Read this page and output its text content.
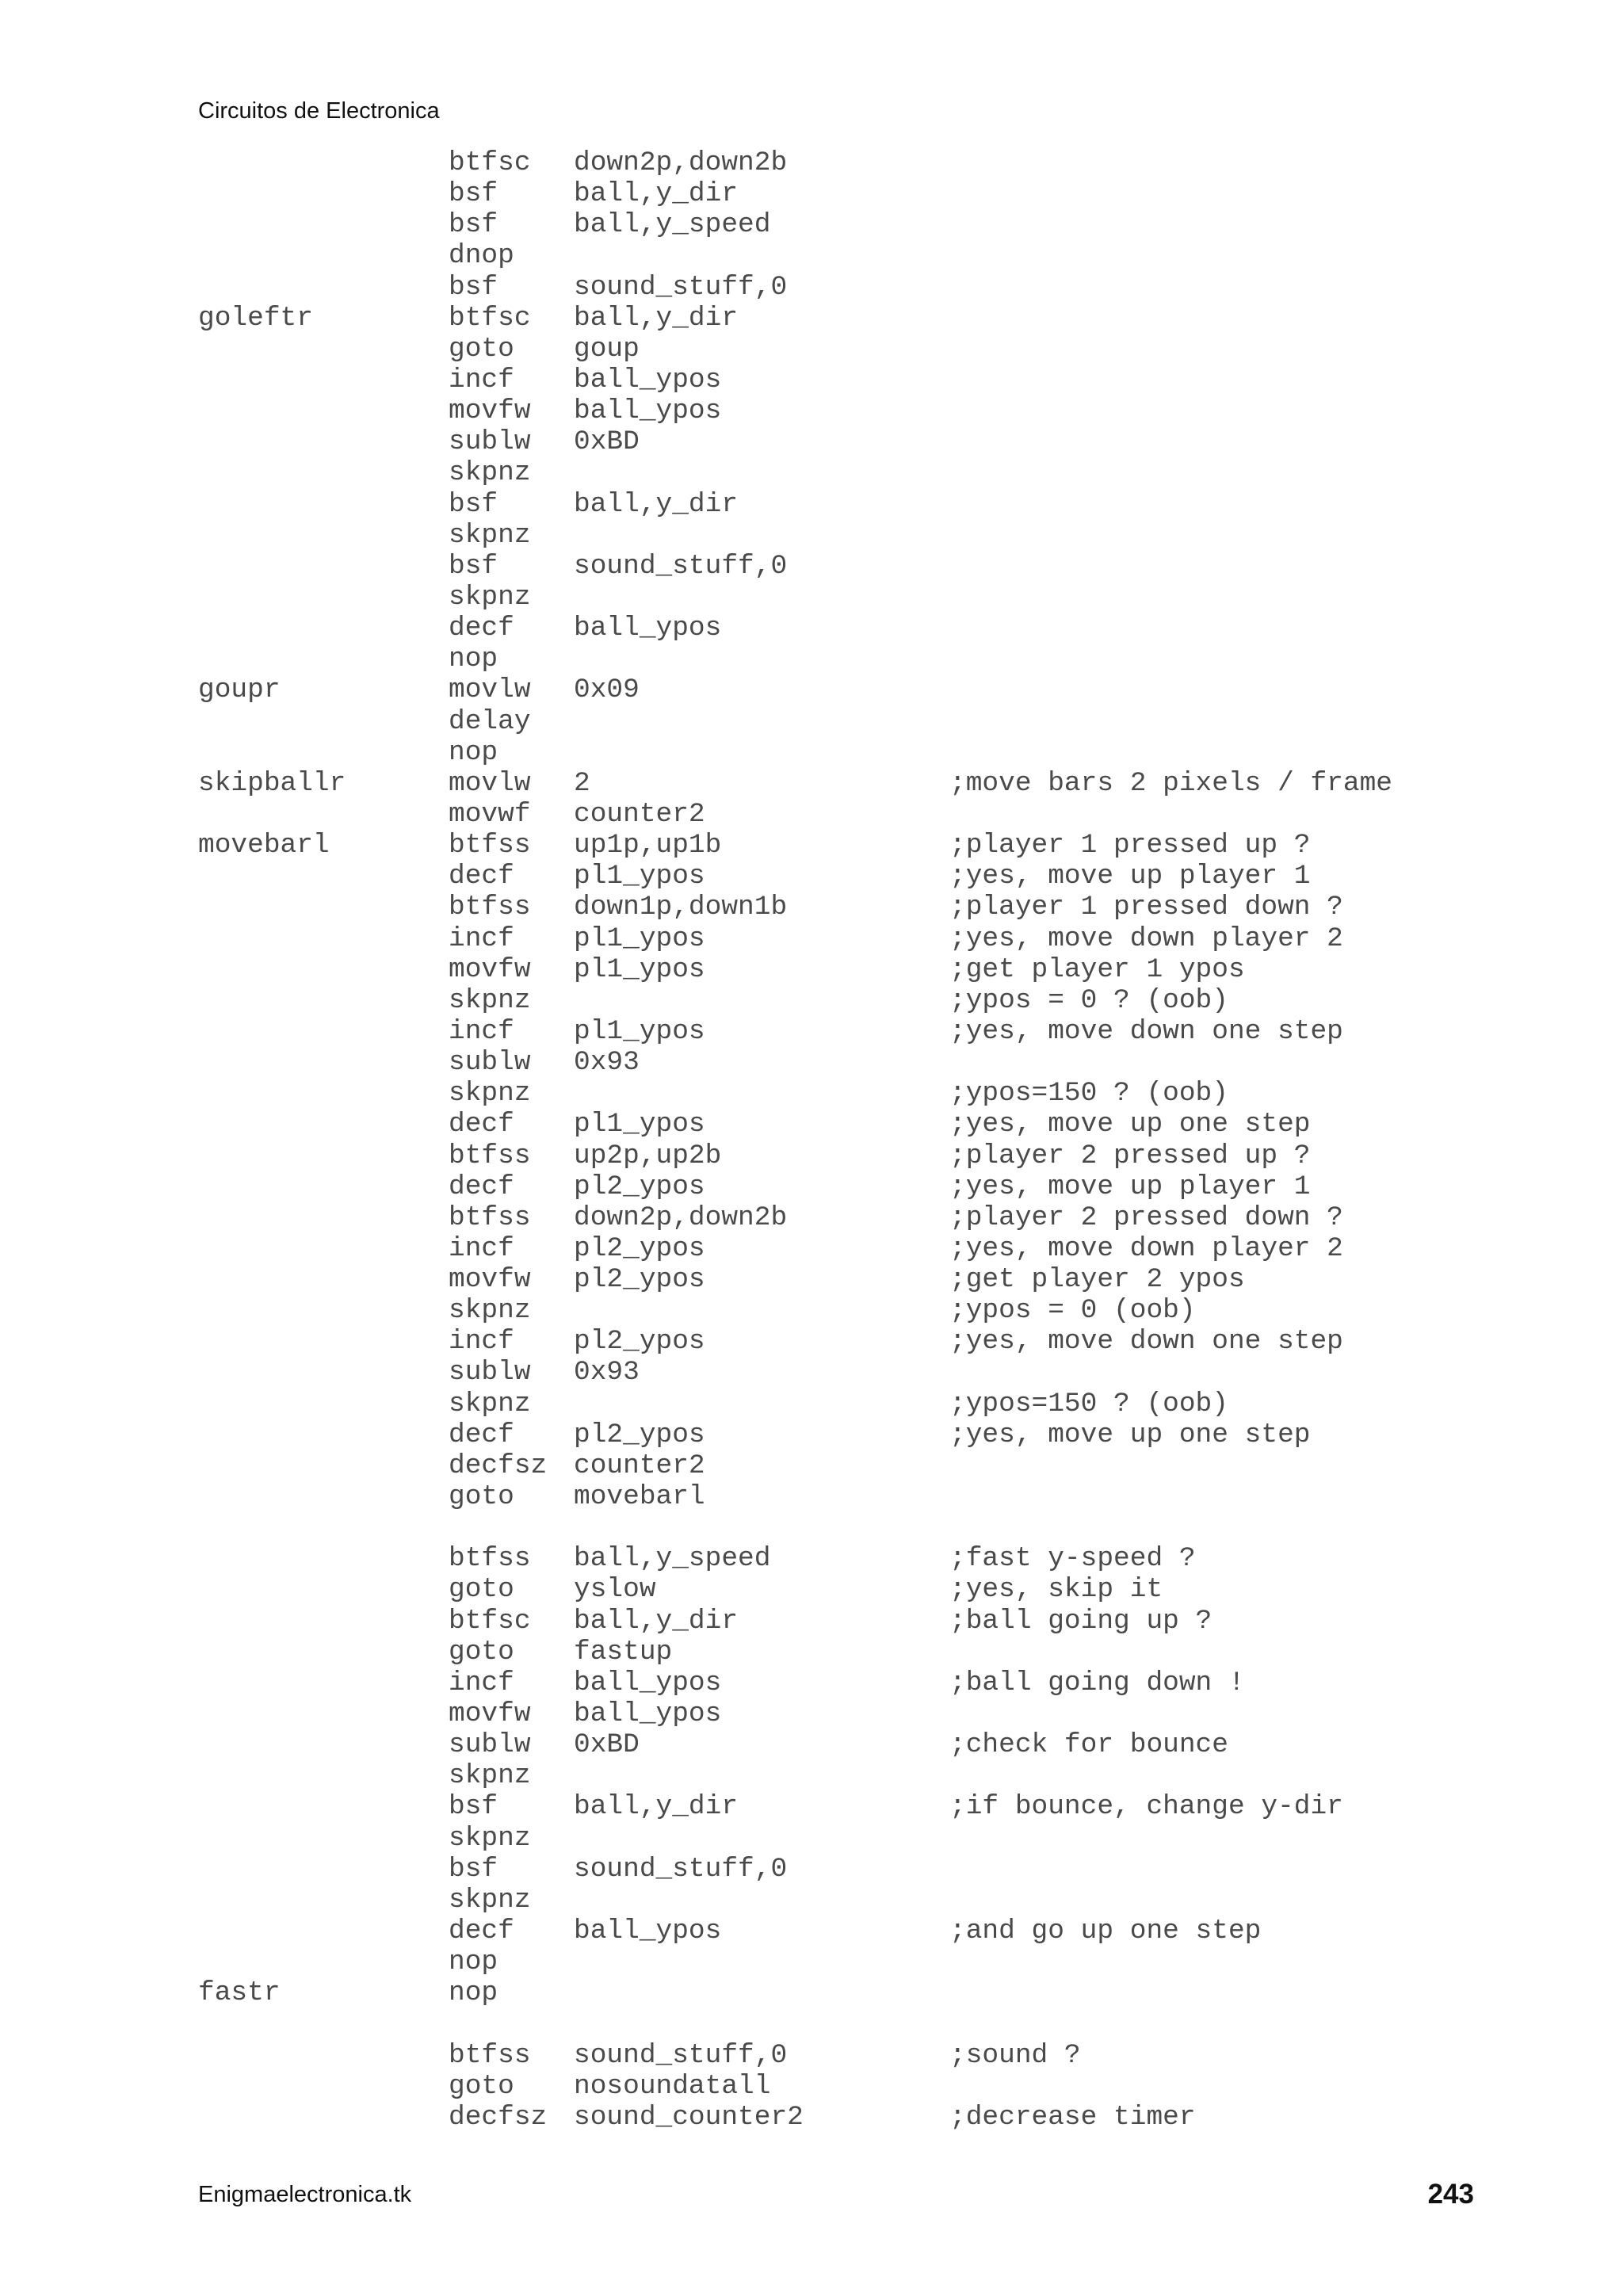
Circuitos de Electronica
btfsc down2p,down2b
bsf	ball,y_dir
bsf	ball,y_speed
dnop
bsf	sound_stuff,0
goleftr	btfsc ball,y_dir
goto goup
incf ball_ypos
movfw ball_ypos
sublw 0xBD
skpnz
bsf	ball,y_dir
skpnz
bsf	sound_stuff,0
skpnz
decf ball_ypos
nop
goupr	movlw 0x09
delay
nop
skipballr	movlw 2	;move bars 2 pixels / frame
movwf counter2
movebarl	btfss up1p,up1b	;player 1 pressed up ?
decf pl1_ypos	;yes, move up player 1
btfss down1p,down1b	;player 1 pressed down ?
incf pl1_ypos	;yes, move down player 2
movfw pl1_ypos	;get player 1 ypos
skpnz	;ypos = 0 ? (oob)
incf pl1_ypos	;yes, move down one step
sublw 0x93
skpnz	;ypos=150 ? (oob)
decf pl1_ypos	;yes, move up one step
btfss up2p,up2b	;player 2 pressed up ?
decf pl2_ypos	;yes, move up player 1
btfss down2p,down2b	;player 2 pressed down ?
incf pl2_ypos	;yes, move down player 2
movfw pl2_ypos	;get player 2 ypos
skpnz	;ypos = 0 (oob)
incf pl2_ypos	;yes, move down one step
sublw 0x93
skpnz	;ypos=150 ? (oob)
decf pl2_ypos	;yes, move up one step
decfsz counter2
goto movebarl
btfss ball,y_speed	;fast y-speed ?
goto yslow	;yes, skip it
btfsc ball,y_dir	;ball going up ?
goto fastup
incf ball_ypos	;ball going down !
movfw ball_ypos
sublw 0xBD	;check for bounce
skpnz
bsf	ball,y_dir	;if bounce, change y-dir
skpnz
bsf	sound_stuff,0
skpnz
decf ball_ypos	;and go up one step
nop
fastr	nop
btfss sound_stuff,0	;sound ?
goto nosoundatall
decfsz sound_counter2	;decrease timer
Enigmaelectronica.tk	243
